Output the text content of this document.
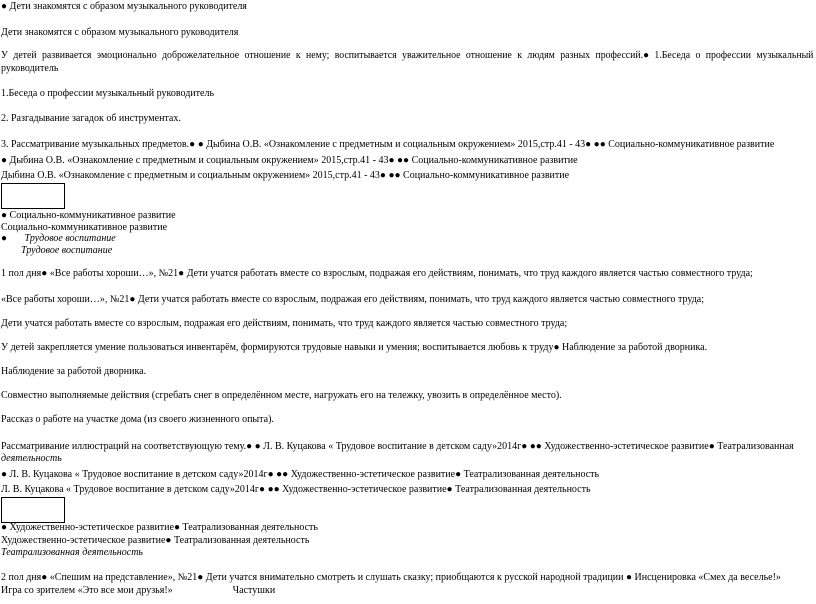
● Дети знакомятся с образом музыкального руководителя
Дети знакомятся с образом музыкального руководителя
У детей развивается эмоционально доброжелательное отношение к нему; воспитывается уважительное отношение к людям разных профессий.● 1.Беседа о профессии музыкальный
руководитель
1.Беседа о профессии музыкальный руководитель
2. Разгадывание загадок об инструментах.
3. Рассматривание музыкальных предметов.● ● Дыбина О.В. «Ознакомление с предметным и социальным окружением» 2015,стр.41 - 43● ●● Социально-коммуникативное развитие
● Дыбина О.В. «Ознакомление с предметным и социальным окружением» 2015,стр.41 - 43● ●● Социально-коммуникативное развитие
Дыбина О.В. «Ознакомление с предметным и социальным окружением» 2015,стр.41 - 43● ●● Социально-коммуникативное развитие
● Социально-коммуникативное развитие
Социально-коммуникативное развитие
●       Трудовое воспитание
Трудовое воспитание
1 пол дня● «Все работы хороши…», №21● Дети учатся работать вместе со взрослым, подражая его действиям, понимать, что труд каждого является частью совместного труда;
«Все работы хороши…», №21● Дети учатся работать вместе со взрослым, подражая его действиям, понимать, что труд каждого является частью совместного труда;
Дети учатся работать вместе со взрослым, подражая его действиям, понимать, что труд каждого является частью совместного труда;
У детей закрепляется умение пользоваться инвентарём, формируются трудовые навыки и умения; воспитывается любовь к труду● Наблюдение за работой дворника.
Наблюдение за работой дворника.
Совместно выполняемые действия (сгребать снег в определённом месте, нагружать его на тележку, увозить в определённое место).
Рассказ о работе на участке дома (из своего жизненного опыта).
Рассматривание иллюстраций на соответствующую тему.● ● Л. В. Куцакова « Трудовое воспитание в детском саду»2014г● ●● Художественно-эстетическое развитие● Театрализованная
деятельность
● Л. В. Куцакова « Трудовое воспитание в детском саду»2014г● ●● Художественно-эстетическое развитие● Театрализованная деятельность
Л. В. Куцакова « Трудовое воспитание в детском саду»2014г● ●● Художественно-эстетическое развитие● Театрализованная деятельность
● Художественно-эстетическое развитие● Театрализованная деятельность
Художественно-эстетическое развитие● Театрализованная деятельность
Театрализованная деятельность
2 пол дня● «Спешим на представление», №21● Дети учатся внимательно смотреть и слушать сказку; приобщаются к русской народной традиции ● Инсценировка «Смех да веселье!»
Игра со зрителем «Это все мои друзья!»                        Частушки
